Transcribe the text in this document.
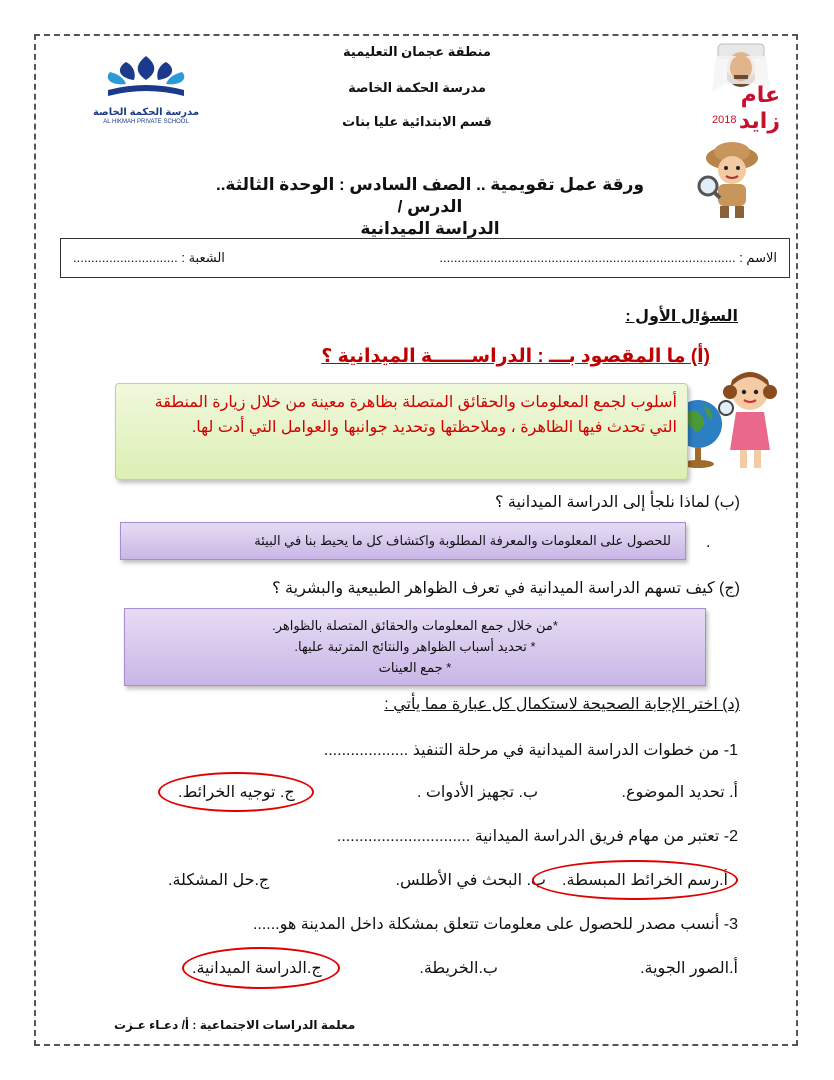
مدرسة الحكمة الخاصة
AL HIKMAH PRIVATE SCHOOL
عام زايد
2018
منطقة عجمان التعليمية
مدرسة الحكمة الخاصة
قسم الابتدائية عليا بنات
ورقة عمل تقويمية .. الصف السادس : الوحدة الثالثة.. الدرس /
الدراسة الميدانية
الاسم : ..................................................................................
الشعبة : .............................
السؤال الأول :
(أ) ما المقصود بـــ : الدراســــــة الميدانية ؟
أسلوب لجمع المعلومات والحقائق المتصلة بظاهرة معينة من خلال زيارة المنطقة التي تحدث فيها الظاهرة ، وملاحظتها وتحديد جوانبها والعوامل التي أدت لها.
(ب) لماذا نلجأ إلى الدراسة الميدانية ؟
للحصول على المعلومات والمعرفة المطلوبة واكتشاف كل ما يحيط بنا في البيئة	.
(ج) كيف تسهم الدراسة الميدانية في تعرف الظواهر الطبيعية والبشرية ؟
*من خلال جمع المعلومات والحقائق المتصلة بالظواهر.
* تحديد أسباب الظواهر والنتائج المترتبة عليها.
* جمع العينات
(د) اختر الإجابة الصحيحة لاستكمال كل عبارة مما يأتي :
1- من خطوات الدراسة الميدانية في مرحلة التنفيذ ...................
أ. تحديد الموضوع.
ب. تجهيز الأدوات .
ج. توجيه الخرائط.
2- تعتبر من مهام فريق الدراسة الميدانية ..............................
أ.رسم الخرائط المبسطة.
ب. البحث في الأطلس.
ج.حل المشكلة.
3- أنسب مصدر للحصول على معلومات تتعلق بمشكلة داخل المدينة هو......
أ.الصور الجوية.
ب.الخريطة.
ج.الدراسة الميدانية.
معلمة الدراسات الاجتماعية : أ/ دعـاء عـزت
